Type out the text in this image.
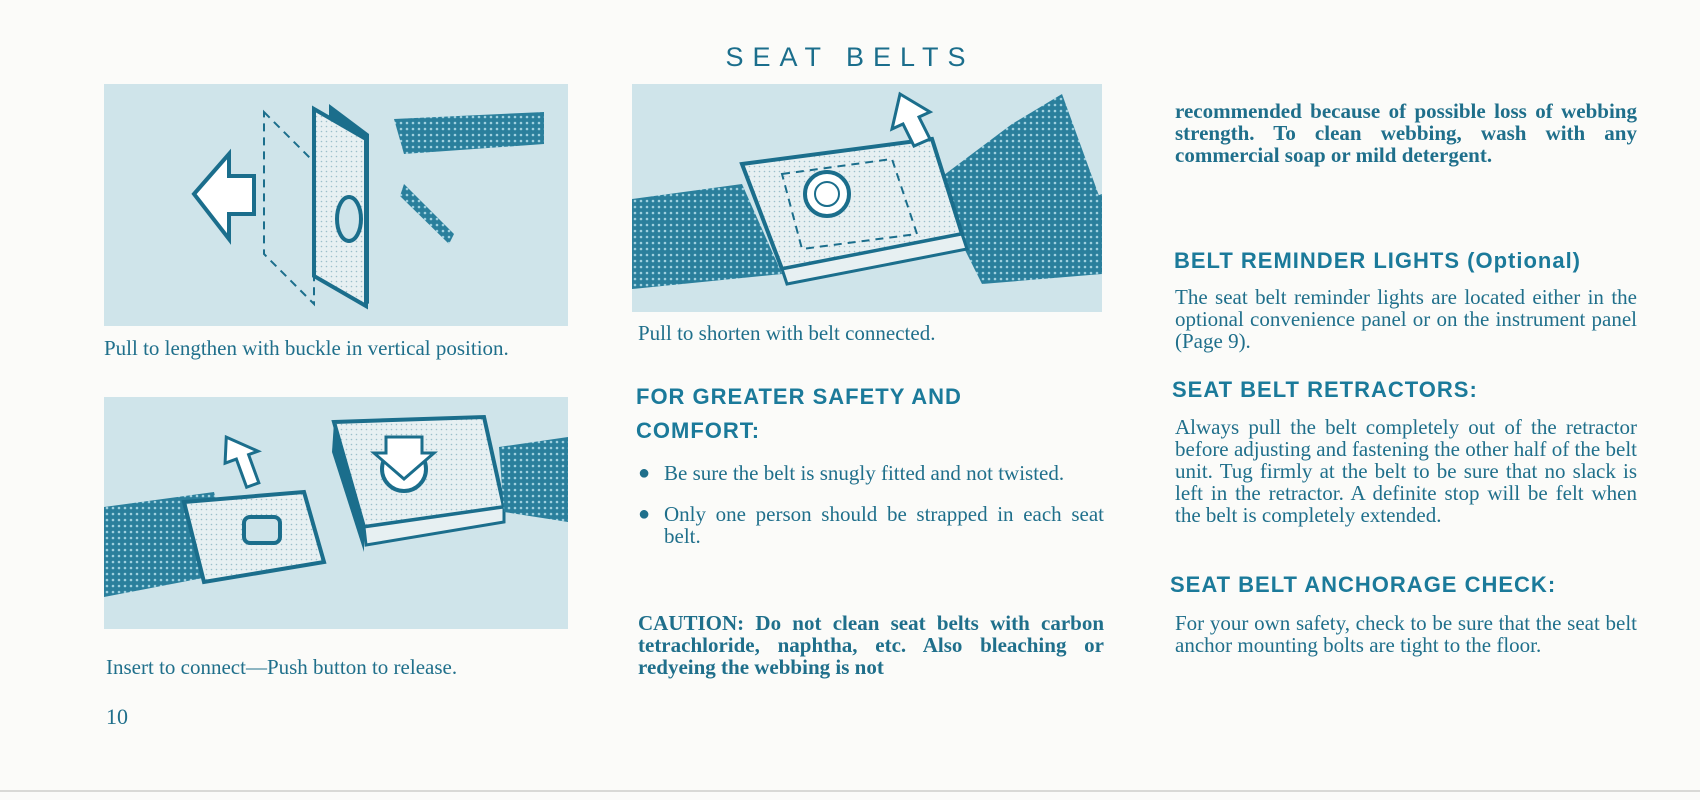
SEAT BELTS
Pull to lengthen with buckle in vertical position.
Insert to connect—Push button to release.
Pull to shorten with belt connected.
FOR GREATER SAFETY AND COMFORT:
● Be sure the belt is snugly fitted and not twisted.
● Only one person should be strapped in each seat belt.
CAUTION: Do not clean seat belts with carbon tetrachloride, naphtha, etc. Also bleaching or redyeing the webbing is not
recommended because of possible loss of webbing strength. To clean webbing, wash with any commercial soap or mild detergent.
BELT REMINDER LIGHTS (Optional)
The seat belt reminder lights are located either in the optional convenience panel or on the instrument panel (Page 9).
SEAT BELT RETRACTORS:
Always pull the belt completely out of the retractor before adjusting and fastening the other half of the belt unit. Tug firmly at the belt to be sure that no slack is left in the retractor. A definite stop will be felt when the belt is completely extended.
SEAT BELT ANCHORAGE CHECK:
For your own safety, check to be sure that the seat belt anchor mounting bolts are tight to the floor.
10
